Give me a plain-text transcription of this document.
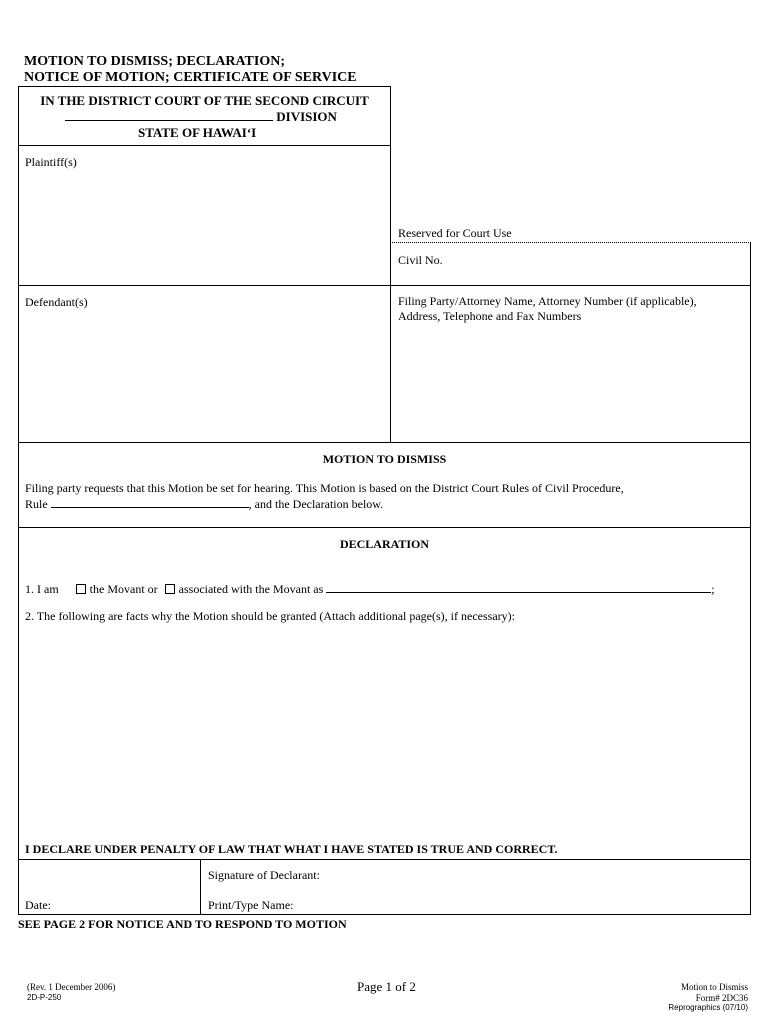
MOTION TO DISMISS; DECLARATION;
NOTICE OF MOTION; CERTIFICATE OF SERVICE
IN THE DISTRICT COURT OF THE SECOND CIRCUIT
DIVISION
STATE OF HAWAI‘I
Plaintiff(s)
Defendant(s)
Reserved for Court Use
Civil No.
Filing Party/Attorney Name, Attorney Number (if applicable),
Address, Telephone and Fax Numbers
MOTION TO DISMISS
Filing party requests that this Motion be set for hearing. This Motion is based on the District Court Rules of Civil Procedure,
Rule	, and the Declaration below.
DECLARATION
1. I am	the Movant or associated with the Movant as	;
2. The following are facts why the Motion should be granted (Attach additional page(s), if necessary):
I DECLARE UNDER PENALTY OF LAW THAT WHAT I HAVE STATED IS TRUE AND CORRECT.
Signature of Declarant:
Date:	Print/Type Name:
SEE PAGE 2 FOR NOTICE AND TO RESPOND TO MOTION
(Rev. 1 December 2006)
2D-P-250
Page 1 of 2	Motion to Dismiss
Form# 2DC36
Reprographics (07/10)
